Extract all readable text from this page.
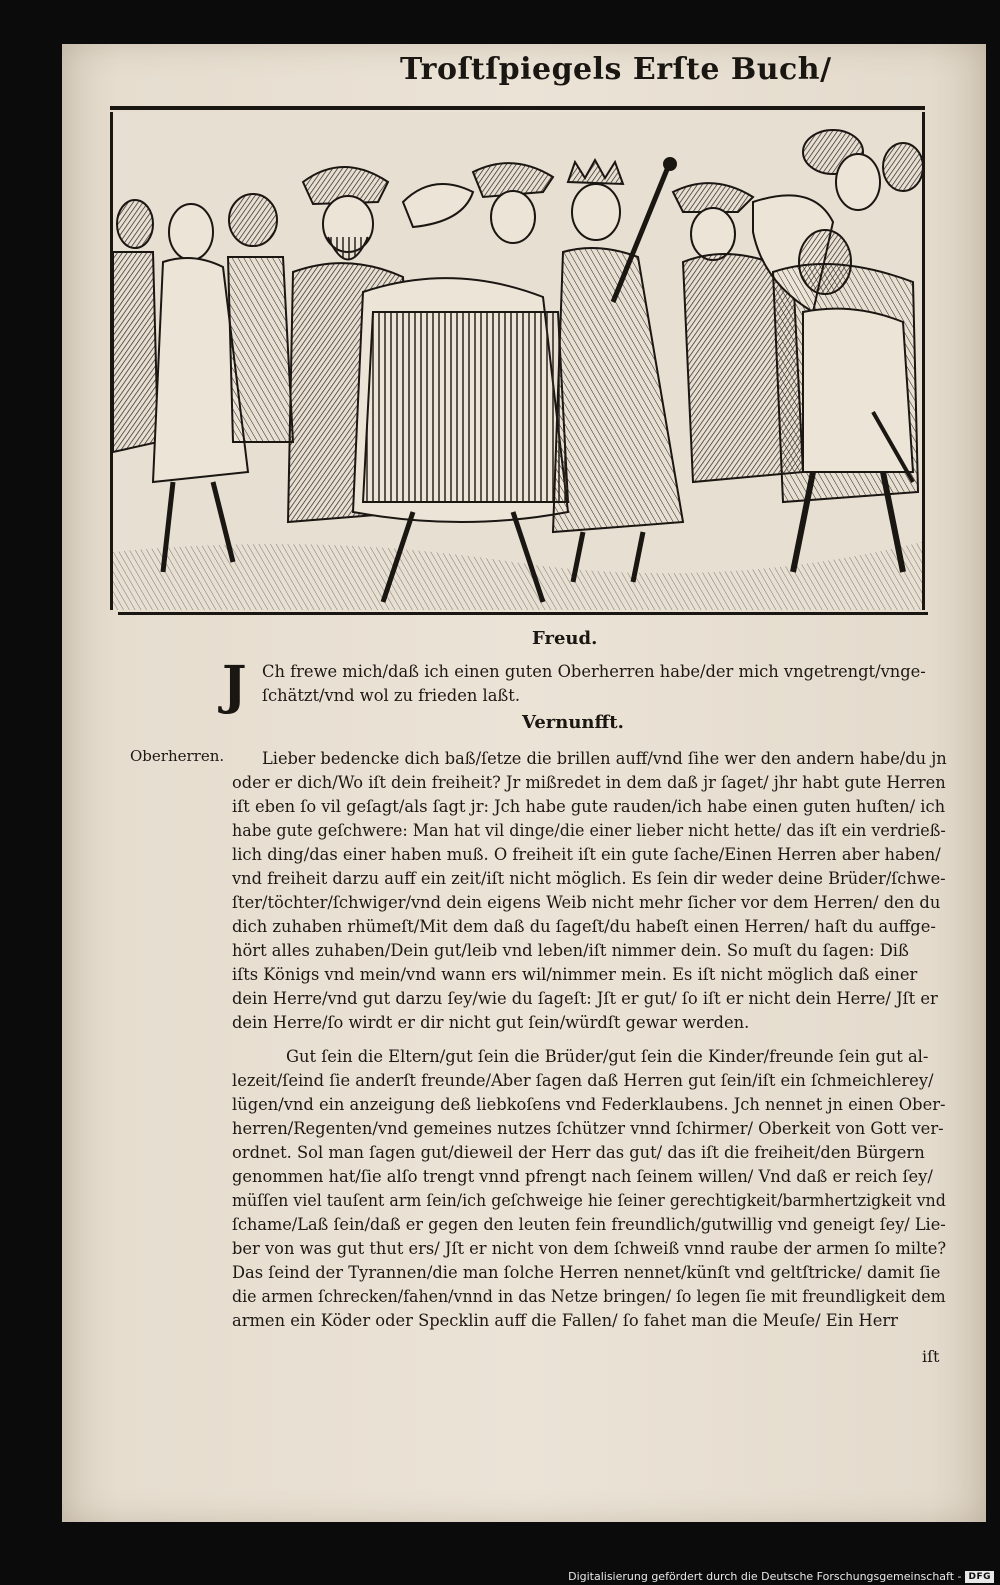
Troſtſpiegels Erſte Buch/
Freud.
J Ch frewe mich/daß ich einen guten Oberherren habe/der mich vngetrengt/vnge-
ſchätzt/vnd wol zu frieden laßt.
Vernunfft.
Oberherren. Lieber bedencke dich baß/ſetze die brillen auff/vnd ſihe wer den andern habe/du jn
oder er dich/Wo iſt dein freiheit? Jr mißredet in dem daß jr ſaget/ jhr habt gute Herren
iſt eben ſo vil geſagt/als ſagt jr: Jch habe gute rauden/ich habe einen guten huſten/ ich
habe gute geſchwere: Man hat vil dinge/die einer lieber nicht hette/ das iſt ein verdrieß-
lich ding/das einer haben muß. O freiheit iſt ein gute ſache/Einen Herren aber haben/
vnd freiheit darzu auff ein zeit/iſt nicht möglich. Es ſein dir weder deine Brüder/ſchwe-
ſter/töchter/ſchwiger/vnd dein eigens Weib nicht mehr ſicher vor dem Herren/ den du
dich zuhaben rhümeſt/Mit dem daß du ſageſt/du habeſt einen Herren/ haſt du auffge-
hört alles zuhaben/Dein gut/leib vnd leben/iſt nimmer dein. So muſt du ſagen: Diß
iſts Königs vnd mein/vnd wann ers wil/nimmer mein. Es iſt nicht möglich daß einer
dein Herre/vnd gut darzu ſey/wie du ſageſt: Jſt er gut/ ſo iſt er nicht dein Herre/ Jſt er
dein Herre/ſo wirdt er dir nicht gut ſein/würdſt gewar werden.
Gut ſein die Eltern/gut ſein die Brüder/gut ſein die Kinder/freunde ſein gut al-
lezeit/ſeind ſie anderſt freunde/Aber ſagen daß Herren gut ſein/iſt ein ſchmeichlerey/
lügen/vnd ein anzeigung deß liebkoſens vnd Federklaubens. Jch nennet jn einen Ober-
herren/Regenten/vnd gemeines nutzes ſchützer vnnd ſchirmer/ Oberkeit von Gott ver-
ordnet. Sol man ſagen gut/dieweil der Herr das gut/ das iſt die freiheit/den Bürgern
genommen hat/ſie alſo trengt vnnd pfrengt nach ſeinem willen/ Vnd daß er reich ſey/
müſſen viel tauſent arm ſein/ich geſchweige hie ſeiner gerechtigkeit/barmhertzigkeit vnd
ſchame/Laß ſein/daß er gegen den leuten fein freundlich/gutwillig vnd geneigt ſey/ Lie-
ber von was gut thut ers/ Jſt er nicht von dem ſchweiß vnnd raube der armen ſo milte?
Das ſeind der Tyrannen/die man ſolche Herren nennet/künſt vnd geltſtricke/ damit ſie
die armen ſchrecken/fahen/vnnd in das Netze bringen/ ſo legen ſie mit freundligkeit dem
armen ein Köder oder Specklin auff die Fallen/ ſo fahet man die Meuſe/ Ein Herr
iſt
Digitalisierung gefördert durch die Deutsche Forschungsgemeinschaft - DFG
